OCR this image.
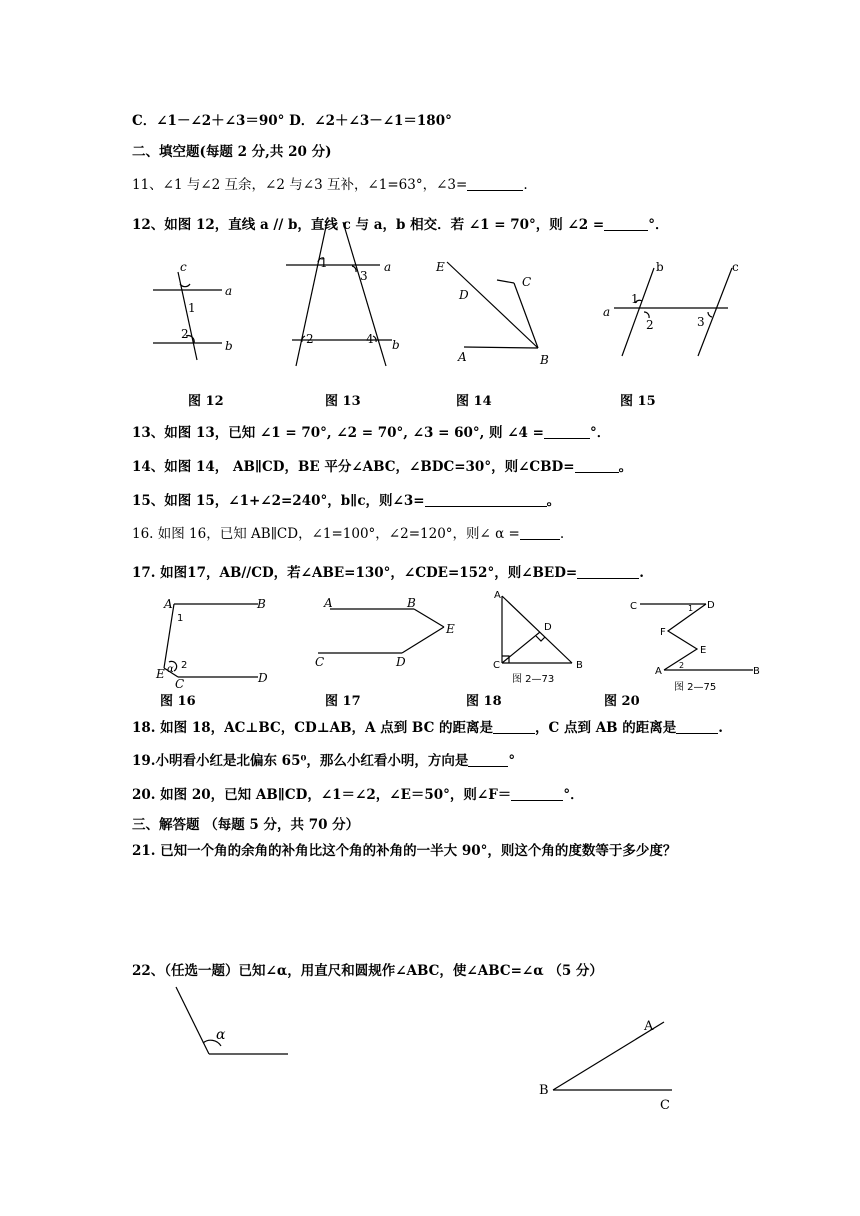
C．∠1－∠2＋∠3＝90° D．∠2＋∠3－∠1＝180°
二、填空题(每题 2 分,共 20 分)
11、∠1 与∠2 互余，∠2 与∠3 互补，∠1=63°，∠3=	.
12、如图 12，直线 a // b，直线 c 与 a，b 相交．若 ∠1 = 70°，则 ∠2 =	°．
13、如图 13，已知 ∠1 = 70°, ∠2 = 70°, ∠3 = 60°, 则 ∠4 =	°．
14、如图 14， AB∥CD，BE 平分∠ABC，∠BDC=30°，则∠CBD=	。
15、如图 15，∠1+∠2=240°，b∥c，则∠3=	。
16. 如图 16，已知 AB∥CD，∠1=100°，∠2=120°，则∠ α =	.
17. 如图17，AB//CD，若∠ABE=130°，∠CDE=152°，则∠BED=	.
18. 如图 18，AC⊥BC，CD⊥AB，A 点到 BC 的距离是	，C 点到 AB 的距离是	.
19.小明看小红是北偏东 65⁰，那么小红看小明，方向是	°
20. 如图 20，已知 AB∥CD，∠1＝∠2，∠E＝50°，则∠F＝	°．
三、解答题 （每题 5 分，共 70 分）
21. 已知一个角的余角的补角比这个角的补角的一半大 90°，则这个角的度数等于多少度？
22、（任选一题）已知∠α，用直尺和圆规作∠ABC，使∠ABC=∠α （5 分）
图 12	图 13	图 14	图 15
图 16	图 17	图 18	图 20
c
a
b
1
2
1
3
2	4
a
b
E
D
C
A	B
b	c
a
1
2	3
A	B
1
E α 2
C	D
A	B
E
C	D
A
D
C	B
图 2—73
C	D
1
F
E
A
2
B
图 2—75
α
A
B
C
